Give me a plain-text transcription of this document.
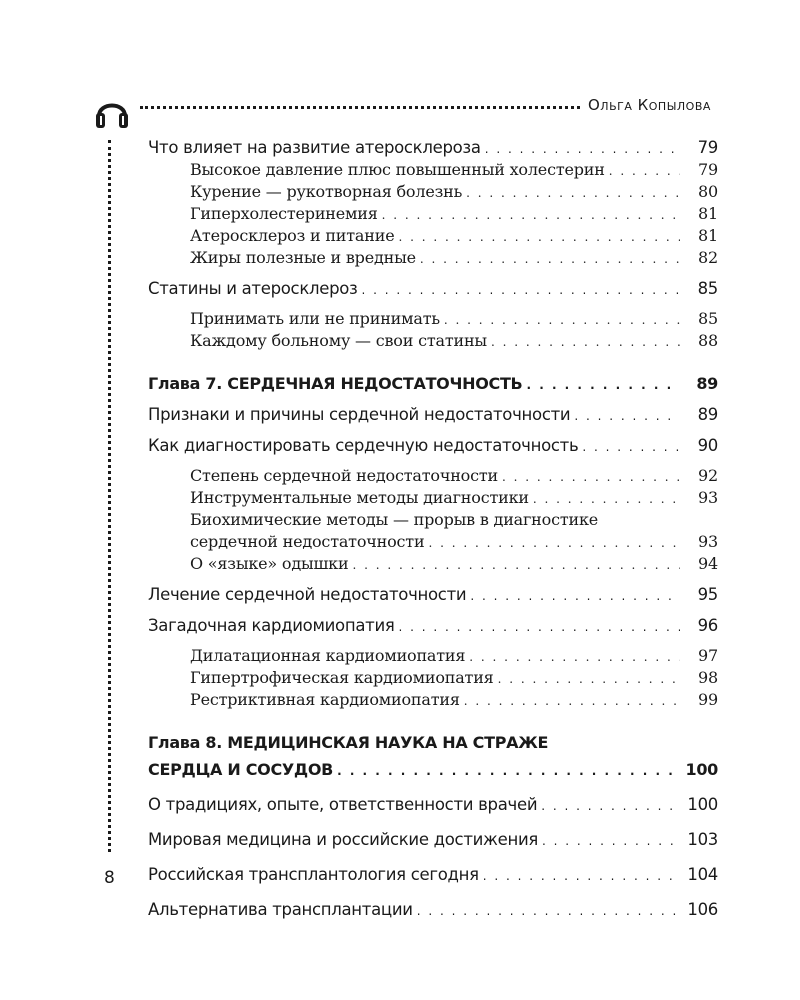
Ольга Копылова
8
Что влияет на развитие атеросклероза . . .	79
Высокое давление плюс повышенный холестерин . . .	79
Курение — рукотворная болезнь . . .	80
Гиперхолестеринемия . . .	81
Атеросклероз и питание . . .	81
Жиры полезные и вредные . . .	82
Статины и атеросклероз . . .	85
Принимать или не принимать . . .	85
Каждому больному — свои статины . . .	88
Глава 7. СЕРДЕЧНАЯ НЕДОСТАТОЧНОСТЬ . . .	89
Признаки и причины сердечной недостаточности . . .	89
Как диагностировать сердечную недостаточность . . .	90
Степень сердечной недостаточности . . .	92
Инструментальные методы диагностики . . .	93
Биохимические методы — прорыв в диагностике
сердечной недостаточности . . .	93
О «языке» одышки . . .	94
Лечение сердечной недостаточности . . .	95
Загадочная кардиомиопатия . . .	96
Дилатационная кардиомиопатия . . .	97
Гипертрофическая кардиомиопатия . . .	98
Рестриктивная кардиомиопатия . . .	99
Глава 8. МЕДИЦИНСКАЯ НАУКА НА СТРАЖЕ
СЕРДЦА И СОСУДОВ . . .	100
О традициях, опыте, ответственности врачей . . .	100
Мировая медицина и российские достижения . . .	103
Российская трансплантология сегодня . . .	104
Альтернатива трансплантации . . .	106
